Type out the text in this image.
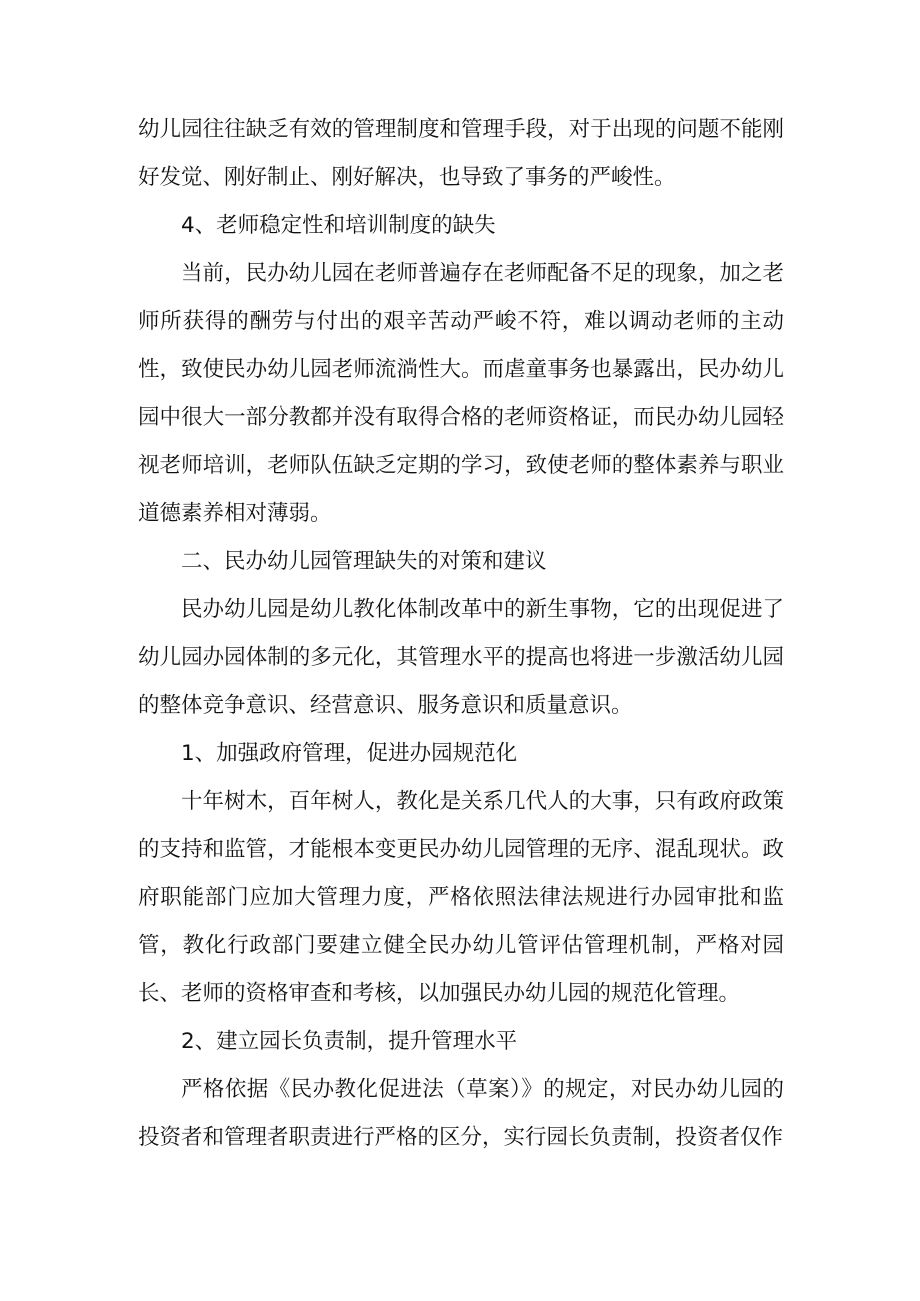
幼儿园往往缺乏有效的管理制度和管理手段，对于出现的问题不能刚好发觉、刚好制止、刚好解决，也导致了事务的严峻性。

4、老师稳定性和培训制度的缺失

当前，民办幼儿园在老师普遍存在老师配备不足的现象，加之老师所获得的酬劳与付出的艰辛苦动严峻不符，难以调动老师的主动性，致使民办幼儿园老师流淌性大。而虐童事务也暴露出，民办幼儿园中很大一部分教都并没有取得合格的老师资格证，而民办幼儿园轻视老师培训，老师队伍缺乏定期的学习，致使老师的整体素养与职业道德素养相对薄弱。

二、民办幼儿园管理缺失的对策和建议

民办幼儿园是幼儿教化体制改革中的新生事物，它的出现促进了幼儿园办园体制的多元化，其管理水平的提高也将进一步激活幼儿园的整体竞争意识、经营意识、服务意识和质量意识。

1、加强政府管理，促进办园规范化

十年树木，百年树人，教化是关系几代人的大事，只有政府政策的支持和监管，才能根本变更民办幼儿园管理的无序、混乱现状。政府职能部门应加大管理力度，严格依照法律法规进行办园审批和监管，教化行政部门要建立健全民办幼儿管评估管理机制，严格对园长、老师的资格审查和考核，以加强民办幼儿园的规范化管理。

2、建立园长负责制，提升管理水平

严格依据《民办教化促进法（草案）》的规定，对民办幼儿园的投资者和管理者职责进行严格的区分，实行园长负责制，投资者仅作
